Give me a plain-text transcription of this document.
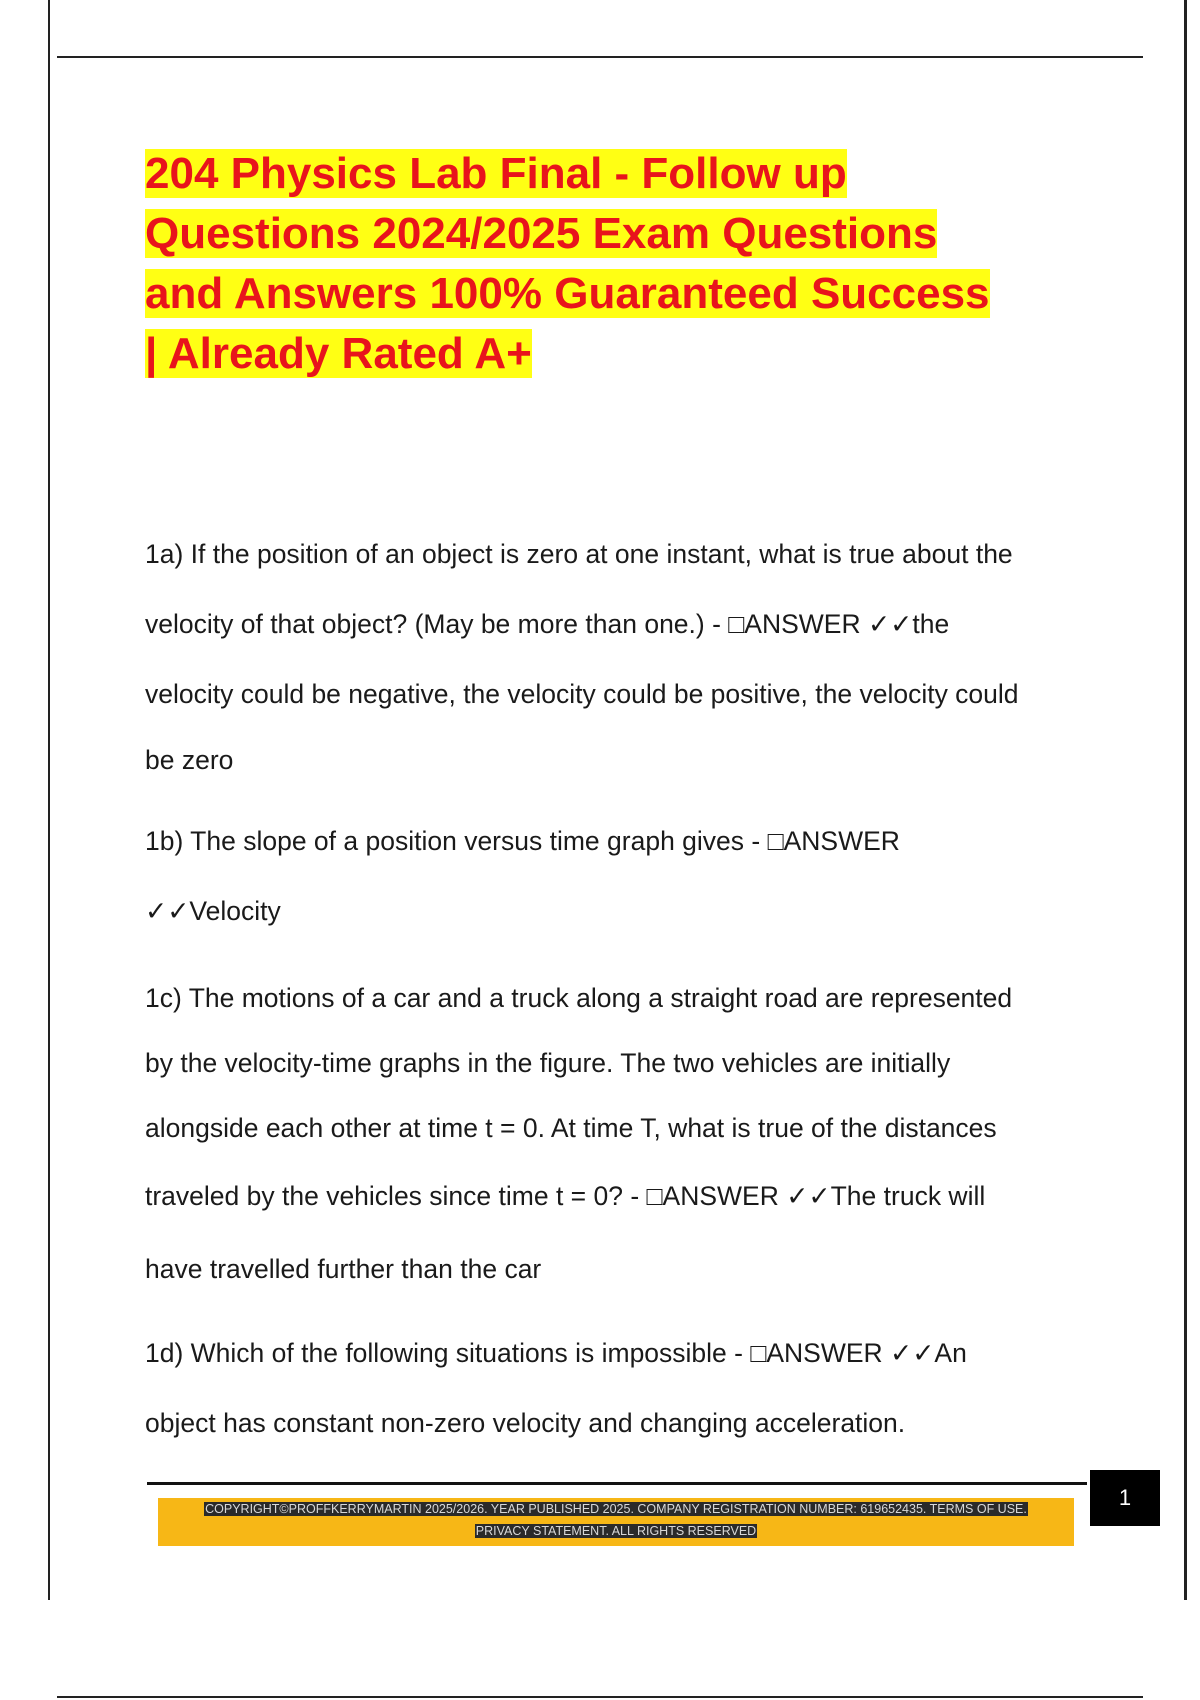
204 Physics Lab Final - Follow up
Questions 2024/2025 Exam Questions
and Answers 100% Guaranteed Success
| Already Rated A+
1a) If the position of an object is zero at one instant, what is true about the
velocity of that object? (May be more than one.) - □ANSWER ✓✓the
velocity could be negative, the velocity could be positive, the velocity could
be zero
1b) The slope of a position versus time graph gives - □ANSWER
✓✓Velocity
1c) The motions of a car and a truck along a straight road are represented
by the velocity-time graphs in the figure. The two vehicles are initially
alongside each other at time t = 0. At time T, what is true of the distances
traveled by the vehicles since time t = 0? - □ANSWER ✓✓The truck will
have travelled further than the car
1d) Which of the following situations is impossible - □ANSWER ✓✓An
object has constant non-zero velocity and changing acceleration.
COPYRIGHT©PROFFKERRYMARTIN 2025/2026. YEAR PUBLISHED 2025. COMPANY REGISTRATION NUMBER: 619652435. TERMS OF USE.
PRIVACY STATEMENT. ALL RIGHTS RESERVED
1
